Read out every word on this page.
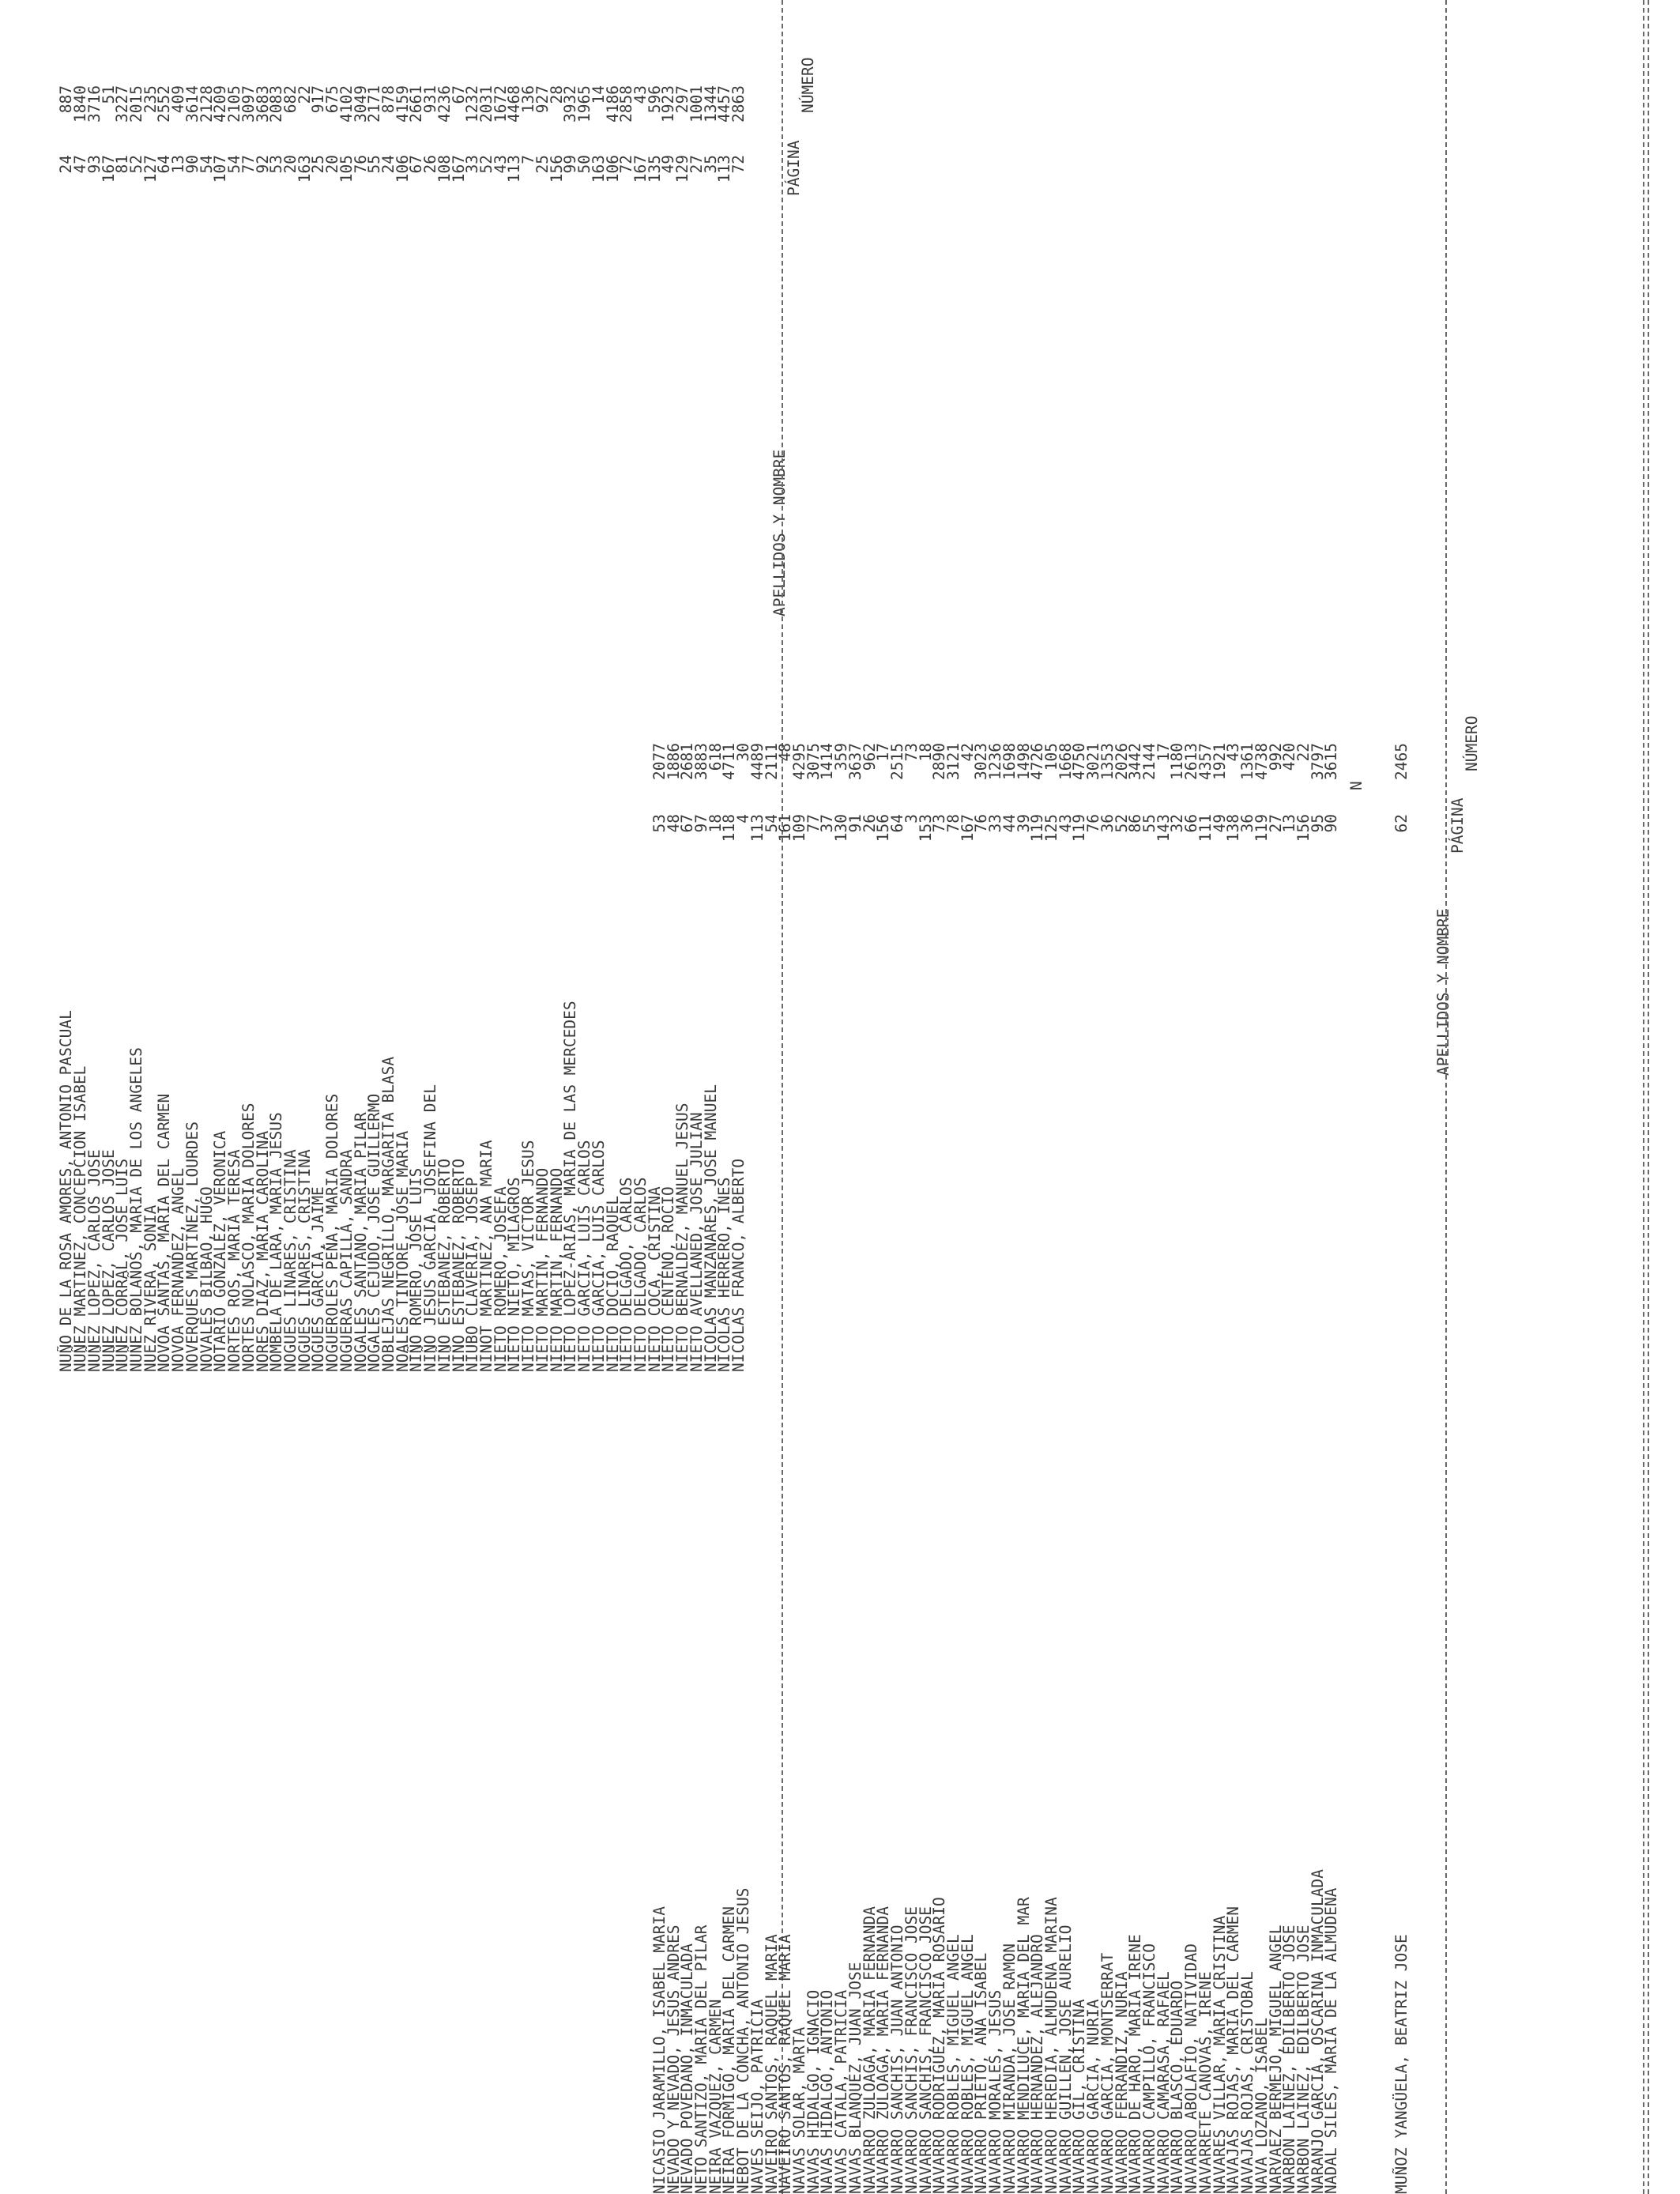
APELLIDOS Y NOMBRE

PÁGINA

NÚMERO

APELLIDOS Y NOMBRE

PÁGINA

NÚMERO

N

MUÑOZ YANGÜELA, BEATRIZ JOSE
62
2465
NADAL SILES, MARIA DE LA ALMUDENA
90
3615
NARANJO GARCIA, OSCARINA INMACULADA
95
3797
NARBON LAINEZ, EDILBERTO JOSE
156
22
NARBON LAINEZ, EDILBERTO JOSE
13
420
NARVAEZ BERMEJO, MIGUEL ANGEL
27
992
NAVA LOZANO, ISABEL
119
4738
NAVAJAS ROJAS, CRISTOBAL
36
1361
NAVAJAS ROJAS, MARIA DEL CARMEN
138
43
NAVARES VILLAR, MARIA CRISTINA
49
1921
NAVARRETE CANOVAS, IRENE
111
4357
NAVARRO ABOLAFIO, NATIVIDAD
66
2613
NAVARRO BLASCO, EDUARDO
32
1180
NAVARRO CAMARASA, RAFAEL
143
17
NAVARRO CAMPILLO, FRANCISCO
55
2144
NAVARRO DE HARO, MARIA IRENE
86
3442
NAVARRO FERRANDIZ, NURIA
52
2026
NAVARRO GARCIA, MONTSERRAT
36
1353
NAVARRO GARCIA, NURIA
76
3021
NAVARRO GIL, CRISTINA
119
4750
NAVARRO GUILLEN, JOSE AURELIO
43
1668
NAVARRO HEREDIA, ALMUDENA MARINA
125
105
NAVARRO HERNANDEZ, ALEJANDRO
119
4726
NAVARRO MENDILUCE, MARIA DEL MAR
39
1498
NAVARRO MIRANDA, JOSE RAMON
44
1698
NAVARRO MORALES, JESUS
33
1236
NAVARRO PRIETO, ANA ISABEL
76
3023
NAVARRO ROBLES, MIGUEL ANGEL
167
42
NAVARRO ROBLES, MIGUEL ANGEL
78
3121
NAVARRO RODRIGUEZ, MARIA ROSARIO
73
2890
NAVARRO SANCHIS, FRANCISCO JOSE
153
18
NAVARRO SANCHIS, FRANCISCO JOSE
3
73
NAVARRO SANCHIS, JUAN ANTONIO
64
2515
NAVARRO ZULOAGA, MARIA FERNANDA
156
17
NAVARRO ZULOAGA, MARIA FERNANDA
26
962
NAVAS BLANQUEZ, JUAN JOSE
91
3637
NAVAS CATALA, PATRICIA
130
359
NAVAS HIDALGO, ANTONIO
37
1414
NAVAS HIDALGO, IGNACIO
77
3075
NAVAS SOLAR, MARTA
109
4295
NAVEIRO SANTOS, RAQUEL MARIA
161
48
NAVEIRO SANTOS, RAQUEL MARIA
54
2111
NAVES SEIJO, PATRICIA
113
4489
NEBOT DE LA CONCHA, ANTONIO JESUS
4
30
NEIRA FORMIGO, MARIA DEL CARMEN
118
4711
NEIRA VAZQUEZ, CARMEN
18
618
NETO SANTIZO, MARIA DEL PILAR
97
3883
NEVADO POVEDANO, INMACULADA
67
2681
NEVADO Y NEVADO, JESUS ANDRES
48
1886
NICASIO JARAMILLO, ISABEL MARIA
53
2077
NICOLAS FRANCO, ALBERTO
72
2863
NICOLAS HERRERO, INES
113
4457
NICOLAS MANZANARES, JOSE MANUEL
35
1344
NIETO AVELLANED, JOSE JULIAN
27
1001
NIETO BERNALDEZ, MANUEL JESUS
129
297
NIETO CENTENO, ROCIO
49
1923
NIETO COCA, CRISTINA
135
596
NIETO DELGADO, CARLOS
167
43
NIETO DELGADO, CARLOS
72
2858
NIETO DOCIO, RAQUEL
106
4186
NIETO GARCIA, LUIS CARLOS
163
14
NIETO GARCIA, LUIS CARLOS
50
1965
NIETO LOPEZ-ARIAS, MARIA DE LAS MERCEDES
99
3932
NIETO MARTIN, FERNANDO
156
28
NIETO MARTIN, FERNANDO
25
927
NIETO MATAS, VICTOR JESUS
7
136
NIETO NIETO, MILAGROS
113
4468
NIETO ROMERO, JOSEFA
43
1672
NINOT MARTINEZ, ANA MARIA
52
2031
NIUBO CLAVERIA, JOSEP
33
1232
NIÑO ESTEBANEZ, ROBERTO
167
67
NIÑO ESTEBANEZ, ROBERTO
108
4236
NIÑO JESUS GARCIA, JOSEFINA DEL
26
931
NIÑO ROMERO, JOSE LUIS
67
2661
NOALES TINTORE, JOSE MARIA
106
4159
NOBLEJAS NEGRILLO, MARGARITA BLASA
24
878
NOGALES CEJUDO, JOSE GUILLERMO
55
2171
NOGALES SANTANO, MARIA PILAR
76
3049
NOGUERAS CAPILLA, SANDRA
105
4102
NOGUEROLES PEÑA, MARIA DOLORES
20
675
NOGUES GARCIA, JAIME
25
917
NOGUES LINARES, CRISTINA
163
22
NOGUES LINARES, CRISTINA
20
682
NOMBELA DE LARA, MARIA JESUS
53
2083
NORES DIAZ, MARIA CAROLINA
92
3683
NORTES NOLASCO, MARIA DOLORES
77
3097
NORTES ROS, MARIA TERESA
54
2105
NOTARIO GONZALEZ, VERONICA
107
4209
NOVALES BILBAO, HUGO
54
2128
NOVERQUES MARTINEZ, LOURDES
90
3614
NOVOA FERNANDEZ, ANGEL
13
409
NOVOA SANTAS, MARIA DEL CARMEN
64
2552
NUEZ RIVERA, SONIA
127
235
NUÑEZ BOLAÑOS, MARIA DE LOS ANGELES
52
2015
NUÑEZ CORRAL, JOSE LUIS
81
3227
NUÑEZ LOPEZ, CARLOS JOSE
167
51
NUÑEZ LOPEZ, CARLOS JOSE
93
3716
NUÑEZ MARTINEZ, CONCEPCION ISABEL
47
1840
NUÑO DE LA ROSA AMORES, ANTONIO PASCUAL
24
887
